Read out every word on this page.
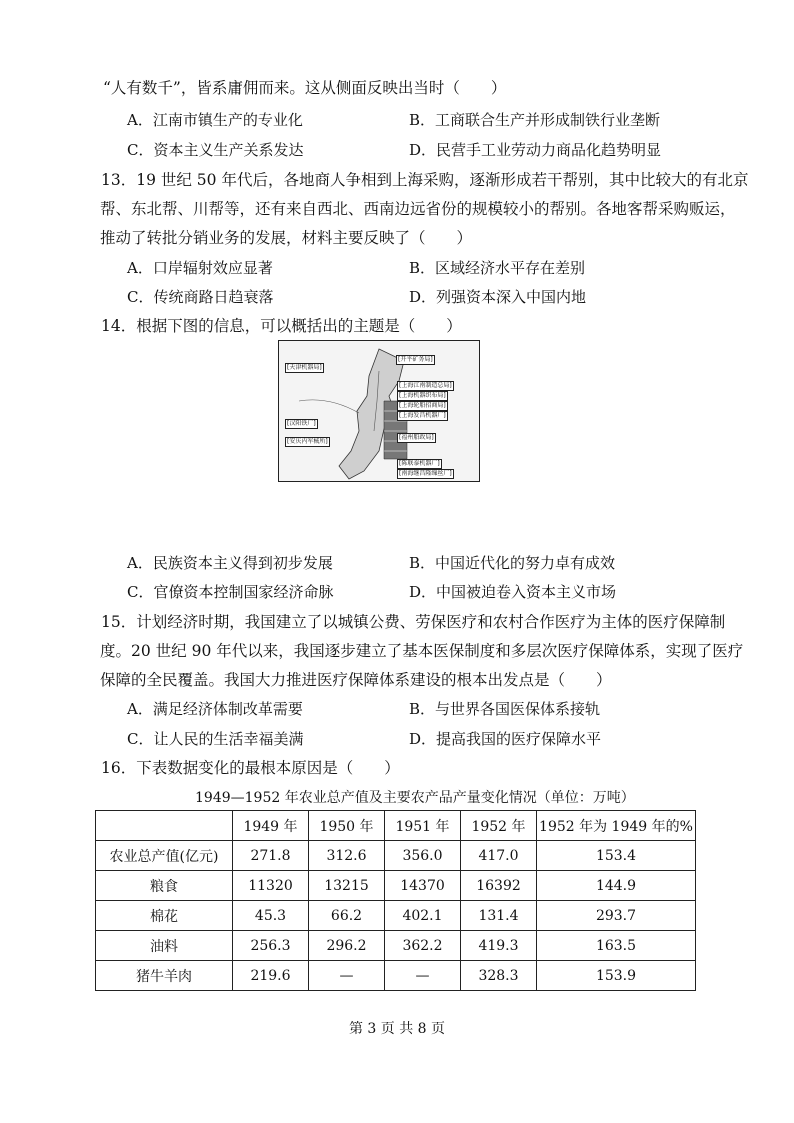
“人有数千”，皆系庸佣而来。这从侧面反映出当时（　　）
A．江南市镇生产的专业化	B．工商联合生产并形成制铁行业垄断
C．资本主义生产关系发达	D．民营手工业劳动力商品化趋势明显
13．19 世纪 50 年代后，各地商人争相到上海采购，逐渐形成若干帮别，其中比较大的有北京
帮、东北帮、川帮等，还有来自西北、西南边远省份的规模较小的帮别。各地客帮采购贩运，
推动了转批分销业务的发展，材料主要反映了（　　）
A．口岸辐射效应显著	B．区域经济水平存在差别
C．传统商路日趋衰落	D．列强资本深入中国内地
14．根据下图的信息，可以概括出的主题是（　　）
[开平矿务局]
[天津机器局]
[上海江南制造总局]
[上海机器织布局]
[上海轮船招商局]
[上海发昌机器厂]
[汉阳铁厂]
[安庆内军械所]
[福州船政局]
[陈联泰机器厂]
[南海继昌隆缫丝厂]
A．民族资本主义得到初步发展	B．中国近代化的努力卓有成效
C．官僚资本控制国家经济命脉	D．中国被迫卷入资本主义市场
15．计划经济时期，我国建立了以城镇公费、劳保医疗和农村合作医疗为主体的医疗保障制
度。20 世纪 90 年代以来，我国逐步建立了基本医保制度和多层次医疗保障体系，实现了医疗
保障的全民覆盖。我国大力推进医疗保障体系建设的根本出发点是（　　）
A．满足经济体制改革需要	B．与世界各国医保体系接轨
C．让人民的生活幸福美满	D．提高我国的医疗保障水平
16．下表数据变化的最根本原因是（　　）
1949—1952 年农业总产值及主要农产品产量变化情况（单位：万吨）
	1949 年	1950 年	1951 年	1952 年	1952 年为 1949 年的%
农业总产值(亿元)	271.8	312.6	356.0	417.0	153.4
粮食	11320	13215	14370	16392	144.9
棉花	45.3	66.2	402.1	131.4	293.7
油料	256.3	296.2	362.2	419.3	163.5
猪牛羊肉	219.6	—	—	328.3	153.9
第 3 页 共 8 页
